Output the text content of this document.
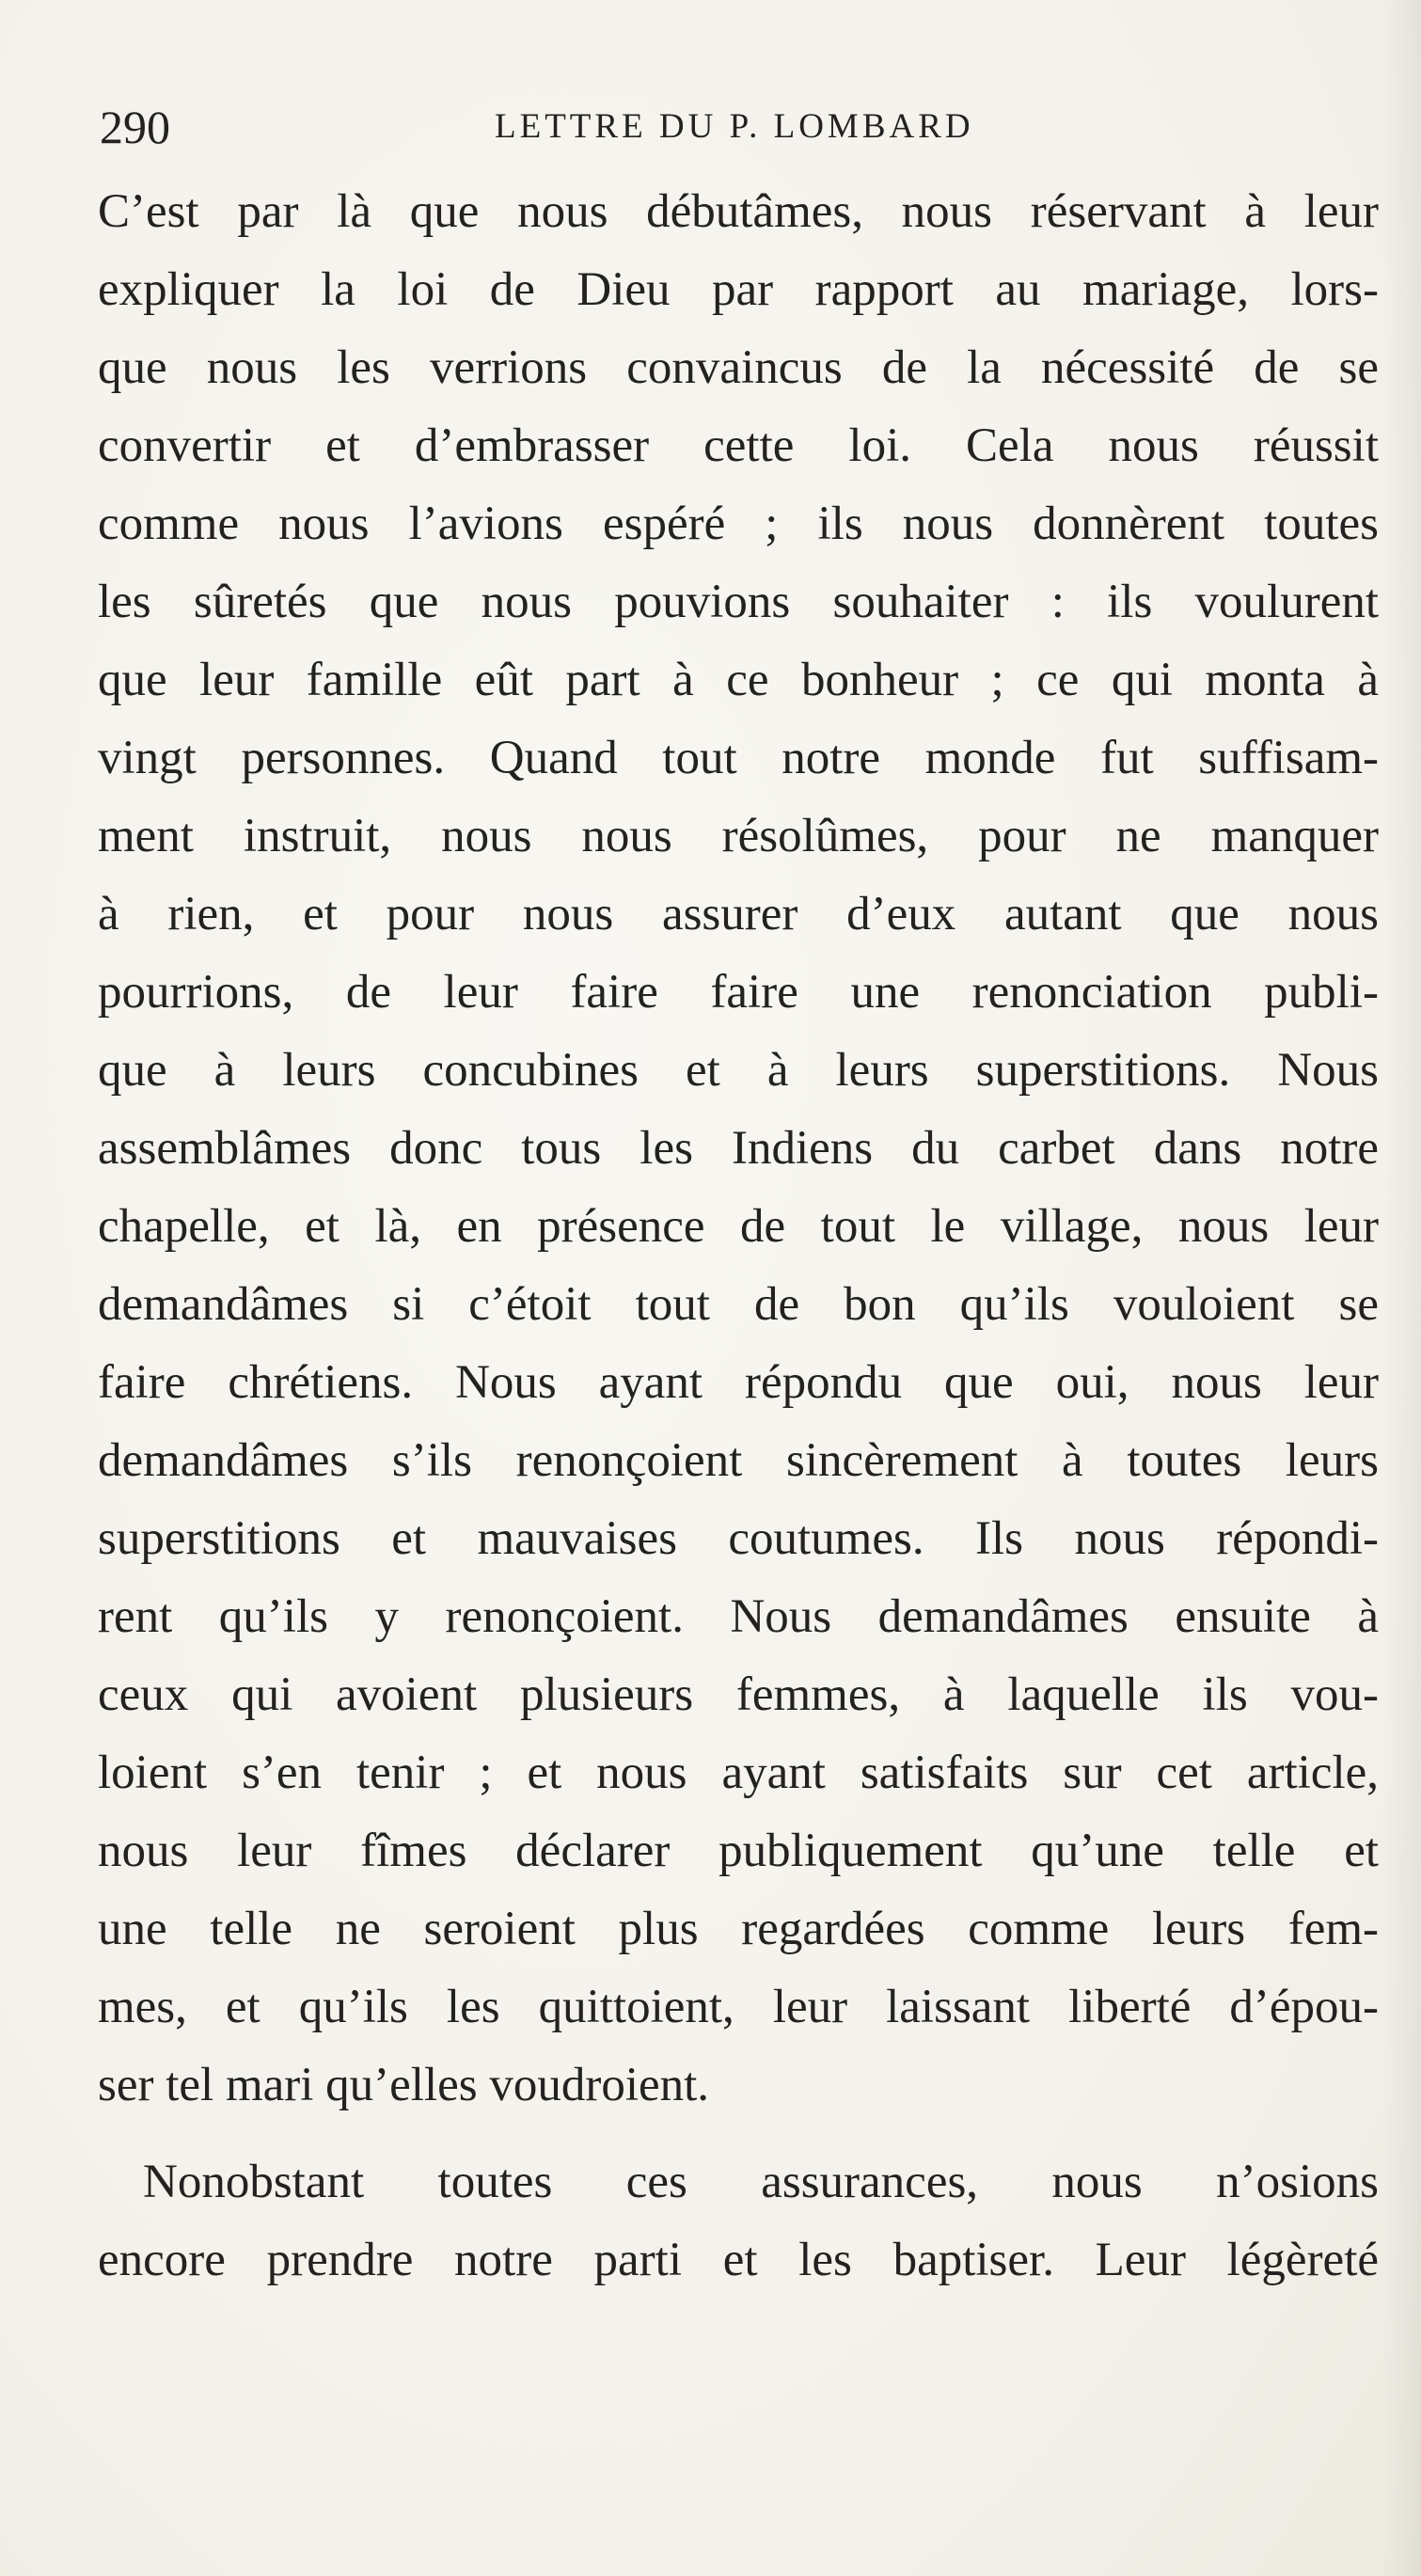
290	LETTRE DU P. LOMBARD
C’est par là que nous débutâmes, nous réservant à leur
expliquer la loi de Dieu par rapport au mariage, lors-
que nous les verrions convaincus de la nécessité de se
convertir et d’embrasser cette loi. Cela nous réussit
comme nous l’avions espéré ; ils nous donnèrent toutes
les sûretés que nous pouvions souhaiter : ils voulurent
que leur famille eût part à ce bonheur ; ce qui monta à
vingt personnes. Quand tout notre monde fut suffisam-
ment instruit, nous nous résolûmes, pour ne manquer
à rien, et pour nous assurer d’eux autant que nous
pourrions, de leur faire faire une renonciation publi-
que à leurs concubines et à leurs superstitions. Nous
assemblâmes donc tous les Indiens du carbet dans notre
chapelle, et là, en présence de tout le village, nous leur
demandâmes si c’étoit tout de bon qu’ils vouloient se
faire chrétiens. Nous ayant répondu que oui, nous leur
demandâmes s’ils renonçoient sincèrement à toutes leurs
superstitions et mauvaises coutumes. Ils nous répondi-
rent qu’ils y renonçoient. Nous demandâmes ensuite à
ceux qui avoient plusieurs femmes, à laquelle ils vou-
loient s’en tenir ; et nous ayant satisfaits sur cet article,
nous leur fîmes déclarer publiquement qu’une telle et
une telle ne seroient plus regardées comme leurs fem-
mes, et qu’ils les quittoient, leur laissant liberté d’épou-
ser tel mari qu’elles voudroient.
Nonobstant toutes ces assurances, nous n’osions
encore prendre notre parti et les baptiser. Leur légèreté
